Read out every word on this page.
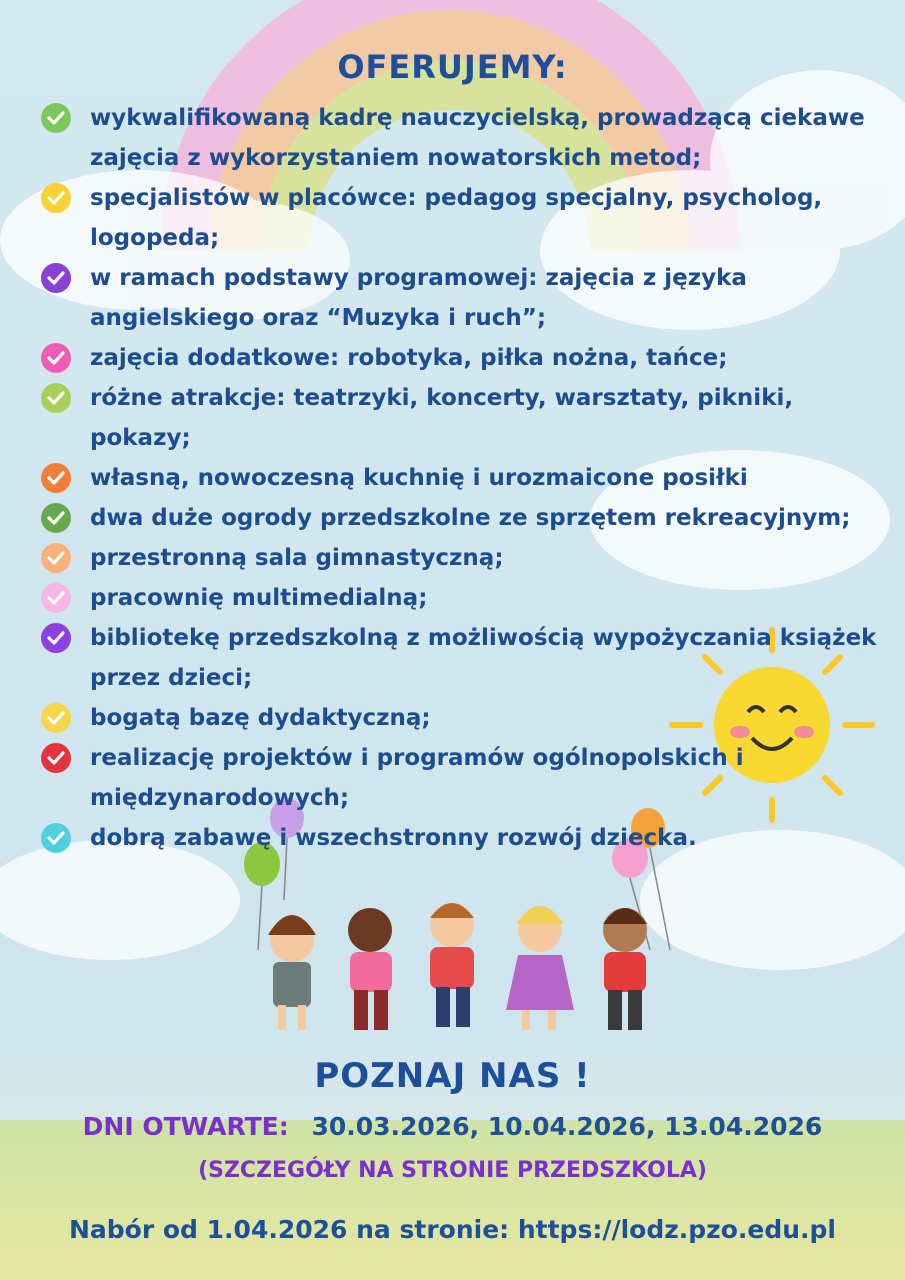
OFERUJEMY:
wykwalifikowaną kadrę nauczycielską, prowadzącą ciekawe zajęcia z wykorzystaniem nowatorskich metod;
specjalistów w placówce: pedagog specjalny, psycholog, logopeda;
w ramach podstawy programowej: zajęcia z języka angielskiego oraz “Muzyka i ruch”;
zajęcia dodatkowe: robotyka, piłka nożna, tańce;
różne atrakcje: teatrzyki, koncerty, warsztaty, pikniki, pokazy;
własną, nowoczesną kuchnię i urozmaicone posiłki
dwa duże ogrody przedszkolne ze sprzętem rekreacyjnym;
przestronną sala gimnastyczną;
pracownię multimedialną;
bibliotekę przedszkolną z możliwością wypożyczania książek przez dzieci;
bogatą bazę dydaktyczną;
realizację projektów i programów ogólnopolskich i międzynarodowych;
dobrą zabawę i wszechstronny rozwój dziecka.
POZNAJ NAS !
DNI OTWARTE: 30.03.2026, 10.04.2026, 13.04.2026
(SZCZEGÓŁY NA STRONIE PRZEDSZKOLA)
Nabór od 1.04.2026 na stronie: https://lodz.pzo.edu.pl
